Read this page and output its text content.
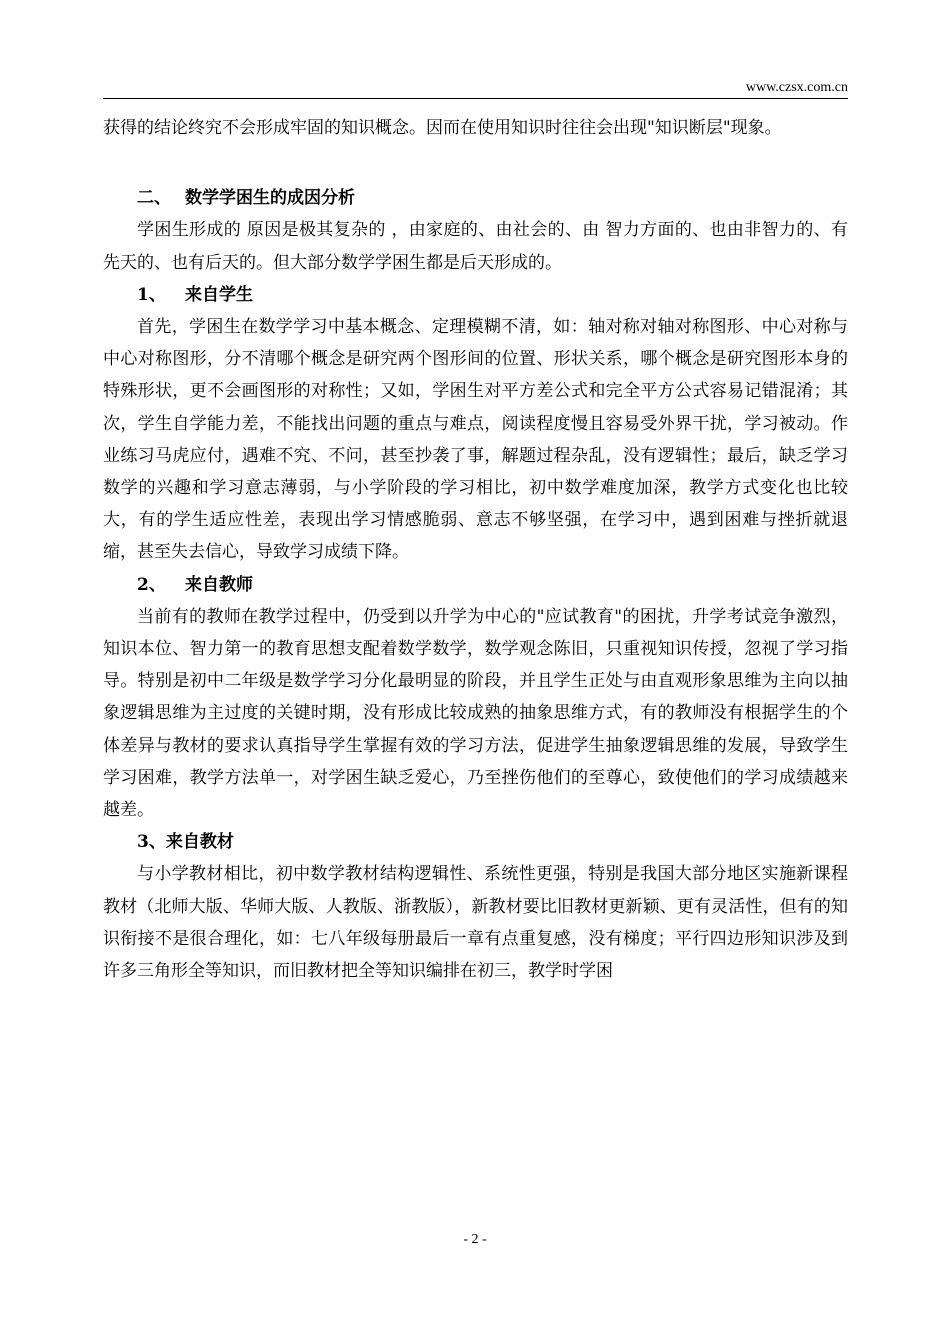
www.czsx.com.cn

获得的结论终究不会形成牢固的知识概念。因而在使用知识时往往会出现"知识断层"现象。

二、 数学学困生的成因分析

学困生形成的 原因是极其复杂的 ，由家庭的、由社会的、由 智力方面的、也由非智力的、有先天的、也有后天的。但大部分数学学困生都是后天形成的。

1、 来自学生

首先，学困生在数学学习中基本概念、定理模糊不清，如：轴对称对轴对称图形、中心对称与中心对称图形，分不清哪个概念是研究两个图形间的位置、形状关系，哪个概念是研究图形本身的特殊形状，更不会画图形的对称性；又如，学困生对平方差公式和完全平方公式容易记错混淆；其次，学生自学能力差，不能找出问题的重点与难点，阅读程度慢且容易受外界干扰，学习被动。作业练习马虎应付，遇难不究、不问，甚至抄袭了事，解题过程杂乱，没有逻辑性；最后，缺乏学习数学的兴趣和学习意志薄弱，与小学阶段的学习相比，初中数学难度加深，教学方式变化也比较大，有的学生适应性差，表现出学习情感脆弱、意志不够坚强，在学习中，遇到困难与挫折就退缩，甚至失去信心，导致学习成绩下降。

2、 来自教师

当前有的教师在教学过程中，仍受到以升学为中心的"应试教育"的困扰，升学考试竞争激烈，知识本位、智力第一的教育思想支配着数学数学，数学观念陈旧，只重视知识传授，忽视了学习指导。特别是初中二年级是数学学习分化最明显的阶段，并且学生正处与由直观形象思维为主向以抽象逻辑思维为主过度的关键时期，没有形成比较成熟的抽象思维方式，有的教师没有根据学生的个体差异与教材的要求认真指导学生掌握有效的学习方法，促进学生抽象逻辑思维的发展，导致学生学习困难，教学方法单一，对学困生缺乏爱心，乃至挫伤他们的至尊心，致使他们的学习成绩越来越差。

3、来自教材

与小学教材相比，初中数学教材结构逻辑性、系统性更强，特别是我国大部分地区实施新课程教材（北师大版、华师大版、人教版、浙教版），新教材要比旧教材更新颖、更有灵活性，但有的知识衔接不是很合理化，如：七八年级每册最后一章有点重复感，没有梯度；平行四边形知识涉及到许多三角形全等知识，而旧教材把全等知识编排在初三，教学时学困

- 2 -
